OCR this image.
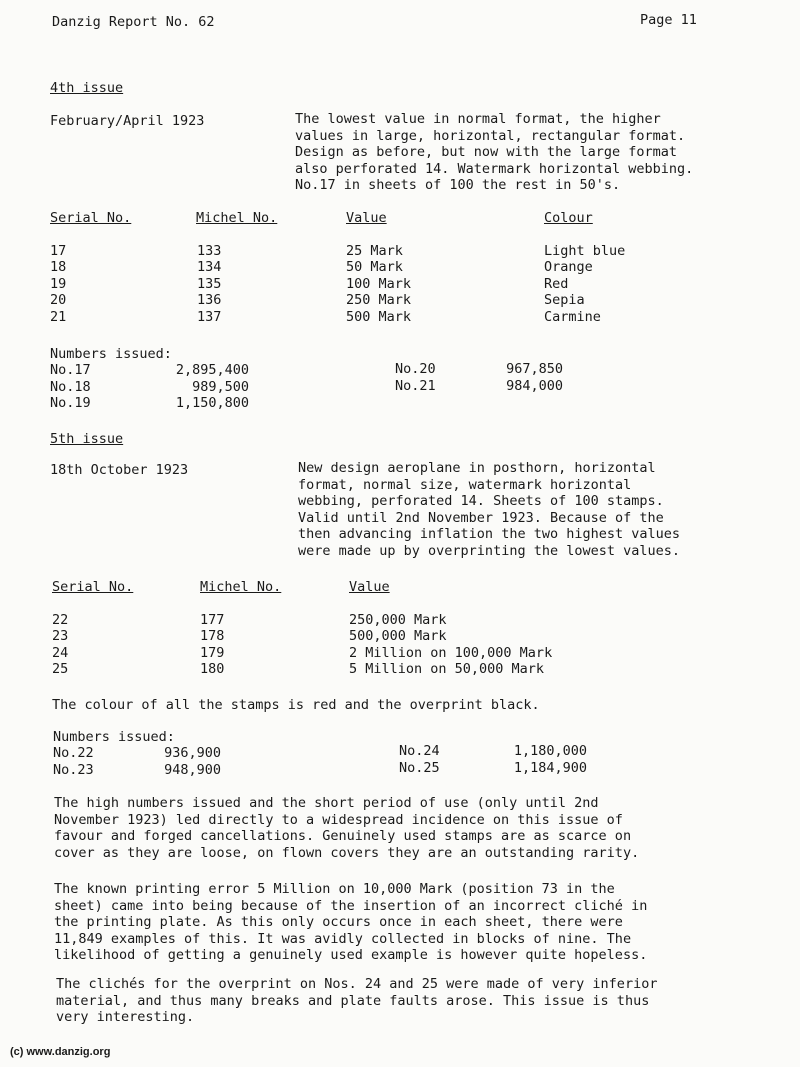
Danzig Report No. 62	Page 11
4th issue
February/April 1923	The lowest value in normal format, the higher
values in large, horizontal, rectangular format.
Design as before, but now with the large format
also perforated 14. Watermark horizontal webbing.
No.17 in sheets of 100 the rest in 50's.
Serial No.	Michel No.	Value	Colour
17	133	25 Mark	Light blue
18	134	50 Mark	Orange
19	135	100 Mark	Red
20	136	250 Mark	Sepia
21	137	500 Mark	Carmine
Numbers issued:
No.17	2,895,400
No.18	989,500
No.19	1,150,800
No.20	967,850
No.21	984,000
5th issue
18th October 1923	New design aeroplane in posthorn, horizontal
format, normal size, watermark horizontal
webbing, perforated 14. Sheets of 100 stamps.
Valid until 2nd November 1923. Because of the
then advancing inflation the two highest values
were made up by overprinting the lowest values.
Serial No.	Michel No.	Value
22	177	250,000 Mark
23	178	500,000 Mark
24	179	2 Million on 100,000 Mark
25	180	5 Million on 50,000 Mark
The colour of all the stamps is red and the overprint black.
Numbers issued:
No.22	936,900
No.23	948,900
No.24	1,180,000
No.25	1,184,900
The high numbers issued and the short period of use (only until 2nd
November 1923) led directly to a widespread incidence on this issue of
favour and forged cancellations. Genuinely used stamps are as scarce on
cover as they are loose, on flown covers they are an outstanding rarity.
The known printing error 5 Million on 10,000 Mark (position 73 in the
sheet) came into being because of the insertion of an incorrect cliché in
the printing plate. As this only occurs once in each sheet, there were
11,849 examples of this. It was avidly collected in blocks of nine. The
likelihood of getting a genuinely used example is however quite hopeless.
The clichés for the overprint on Nos. 24 and 25 were made of very inferior
material, and thus many breaks and plate faults arose. This issue is thus
very interesting.
(c) www.danzig.org
